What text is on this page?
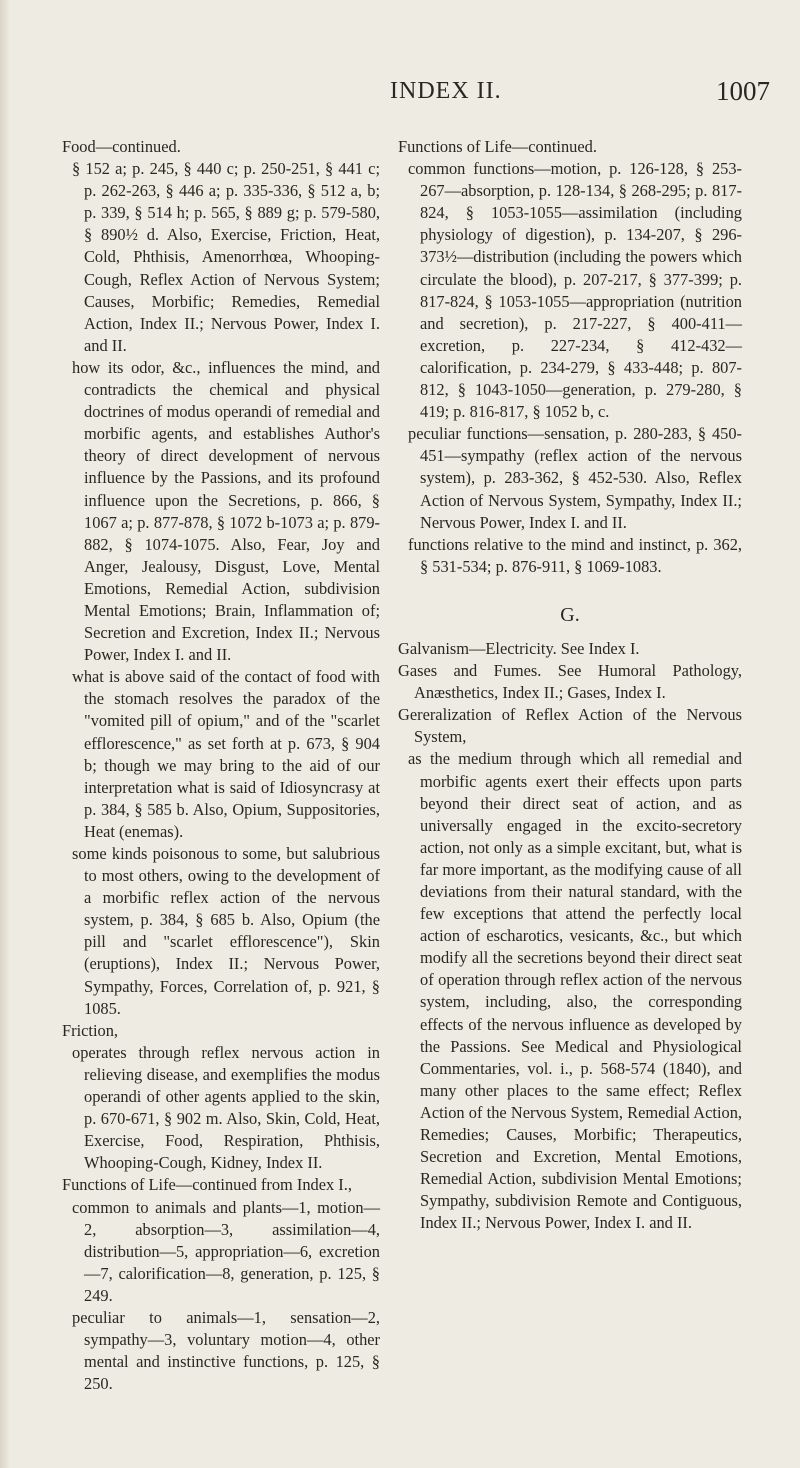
INDEX II.	1007

Food—continued.

§ 152 a; p. 245, § 440 c; p. 250-251, § 441 c; p. 262-263, § 446 a; p. 335-336, § 512 a, b; p. 339, § 514 h; p. 565, § 889 g; p. 579-580, § 890½ d. Also, Exercise, Friction, Heat, Cold, Phthisis, Amenorrhœa, Whooping-Cough, Reflex Action of Nervous System; Causes, Morbific; Remedies, Remedial Action, Index II.; Nervous Power, Index I. and II.

how its odor, &c., influences the mind, and contradicts the chemical and physical doctrines of modus operandi of remedial and morbific agents, and establishes Author's theory of direct development of nervous influence by the Passions, and its profound influence upon the Secretions, p. 866, § 1067 a; p. 877-878, § 1072 b-1073 a; p. 879-882, § 1074-1075. Also, Fear, Joy and Anger, Jealousy, Disgust, Love, Mental Emotions, Remedial Action, subdivision Mental Emotions; Brain, Inflammation of; Secretion and Excretion, Index II.; Nervous Power, Index I. and II.

what is above said of the contact of food with the stomach resolves the paradox of the "vomited pill of opium," and of the "scarlet efflorescence," as set forth at p. 673, § 904 b; though we may bring to the aid of our interpretation what is said of Idiosyncrasy at p. 384, § 585 b. Also, Opium, Suppositories, Heat (enemas).

some kinds poisonous to some, but salubrious to most others, owing to the development of a morbific reflex action of the nervous system, p. 384, § 685 b. Also, Opium (the pill and "scarlet efflorescence"), Skin (eruptions), Index II.; Nervous Power, Sympathy, Forces, Correlation of, p. 921, § 1085.

Friction,

operates through reflex nervous action in relieving disease, and exemplifies the modus operandi of other agents applied to the skin, p. 670-671, § 902 m. Also, Skin, Cold, Heat, Exercise, Food, Respiration, Phthisis, Whooping-Cough, Kidney, Index II.

Functions of Life—continued from Index I.,

common to animals and plants—1, motion—2, absorption—3, assimilation—4, distribution—5, appropriation—6, excretion—7, calorification—8, generation, p. 125, § 249.

peculiar to animals—1, sensation—2, sympathy—3, voluntary motion—4, other mental and instinctive functions, p. 125, § 250.

Functions of Life—continued.

common functions—motion, p. 126-128, § 253-267—absorption, p. 128-134, § 268-295; p. 817-824, § 1053-1055—assimilation (including physiology of digestion), p. 134-207, § 296-373½—distribution (including the powers which circulate the blood), p. 207-217, § 377-399; p. 817-824, § 1053-1055—appropriation (nutrition and secretion), p. 217-227, § 400-411—excretion, p. 227-234, § 412-432—calorification, p. 234-279, § 433-448; p. 807-812, § 1043-1050—generation, p. 279-280, § 419; p. 816-817, § 1052 b, c.

peculiar functions—sensation, p. 280-283, § 450-451—sympathy (reflex action of the nervous system), p. 283-362, § 452-530. Also, Reflex Action of Nervous System, Sympathy, Index II.; Nervous Power, Index I. and II.

functions relative to the mind and instinct, p. 362, § 531-534; p. 876-911, § 1069-1083.

G.

Galvanism—Electricity. See Index I.

Gases and Fumes. See Humoral Pathology, Anæsthetics, Index II.; Gases, Index I.

Gereralization of Reflex Action of the Nervous System,

as the medium through which all remedial and morbific agents exert their effects upon parts beyond their direct seat of action, and as universally engaged in the excito-secretory action, not only as a simple excitant, but, what is far more important, as the modifying cause of all deviations from their natural standard, with the few exceptions that attend the perfectly local action of escharotics, vesicants, &c., but which modify all the secretions beyond their direct seat of operation through reflex action of the nervous system, including, also, the corresponding effects of the nervous influence as developed by the Passions. See Medical and Physiological Commentaries, vol. i., p. 568-574 (1840), and many other places to the same effect; Reflex Action of the Nervous System, Remedial Action, Remedies; Causes, Morbific; Therapeutics, Secretion and Excretion, Mental Emotions, Remedial Action, subdivision Mental Emotions; Sympathy, subdivision Remote and Contiguous, Index II.; Nervous Power, Index I. and II.
